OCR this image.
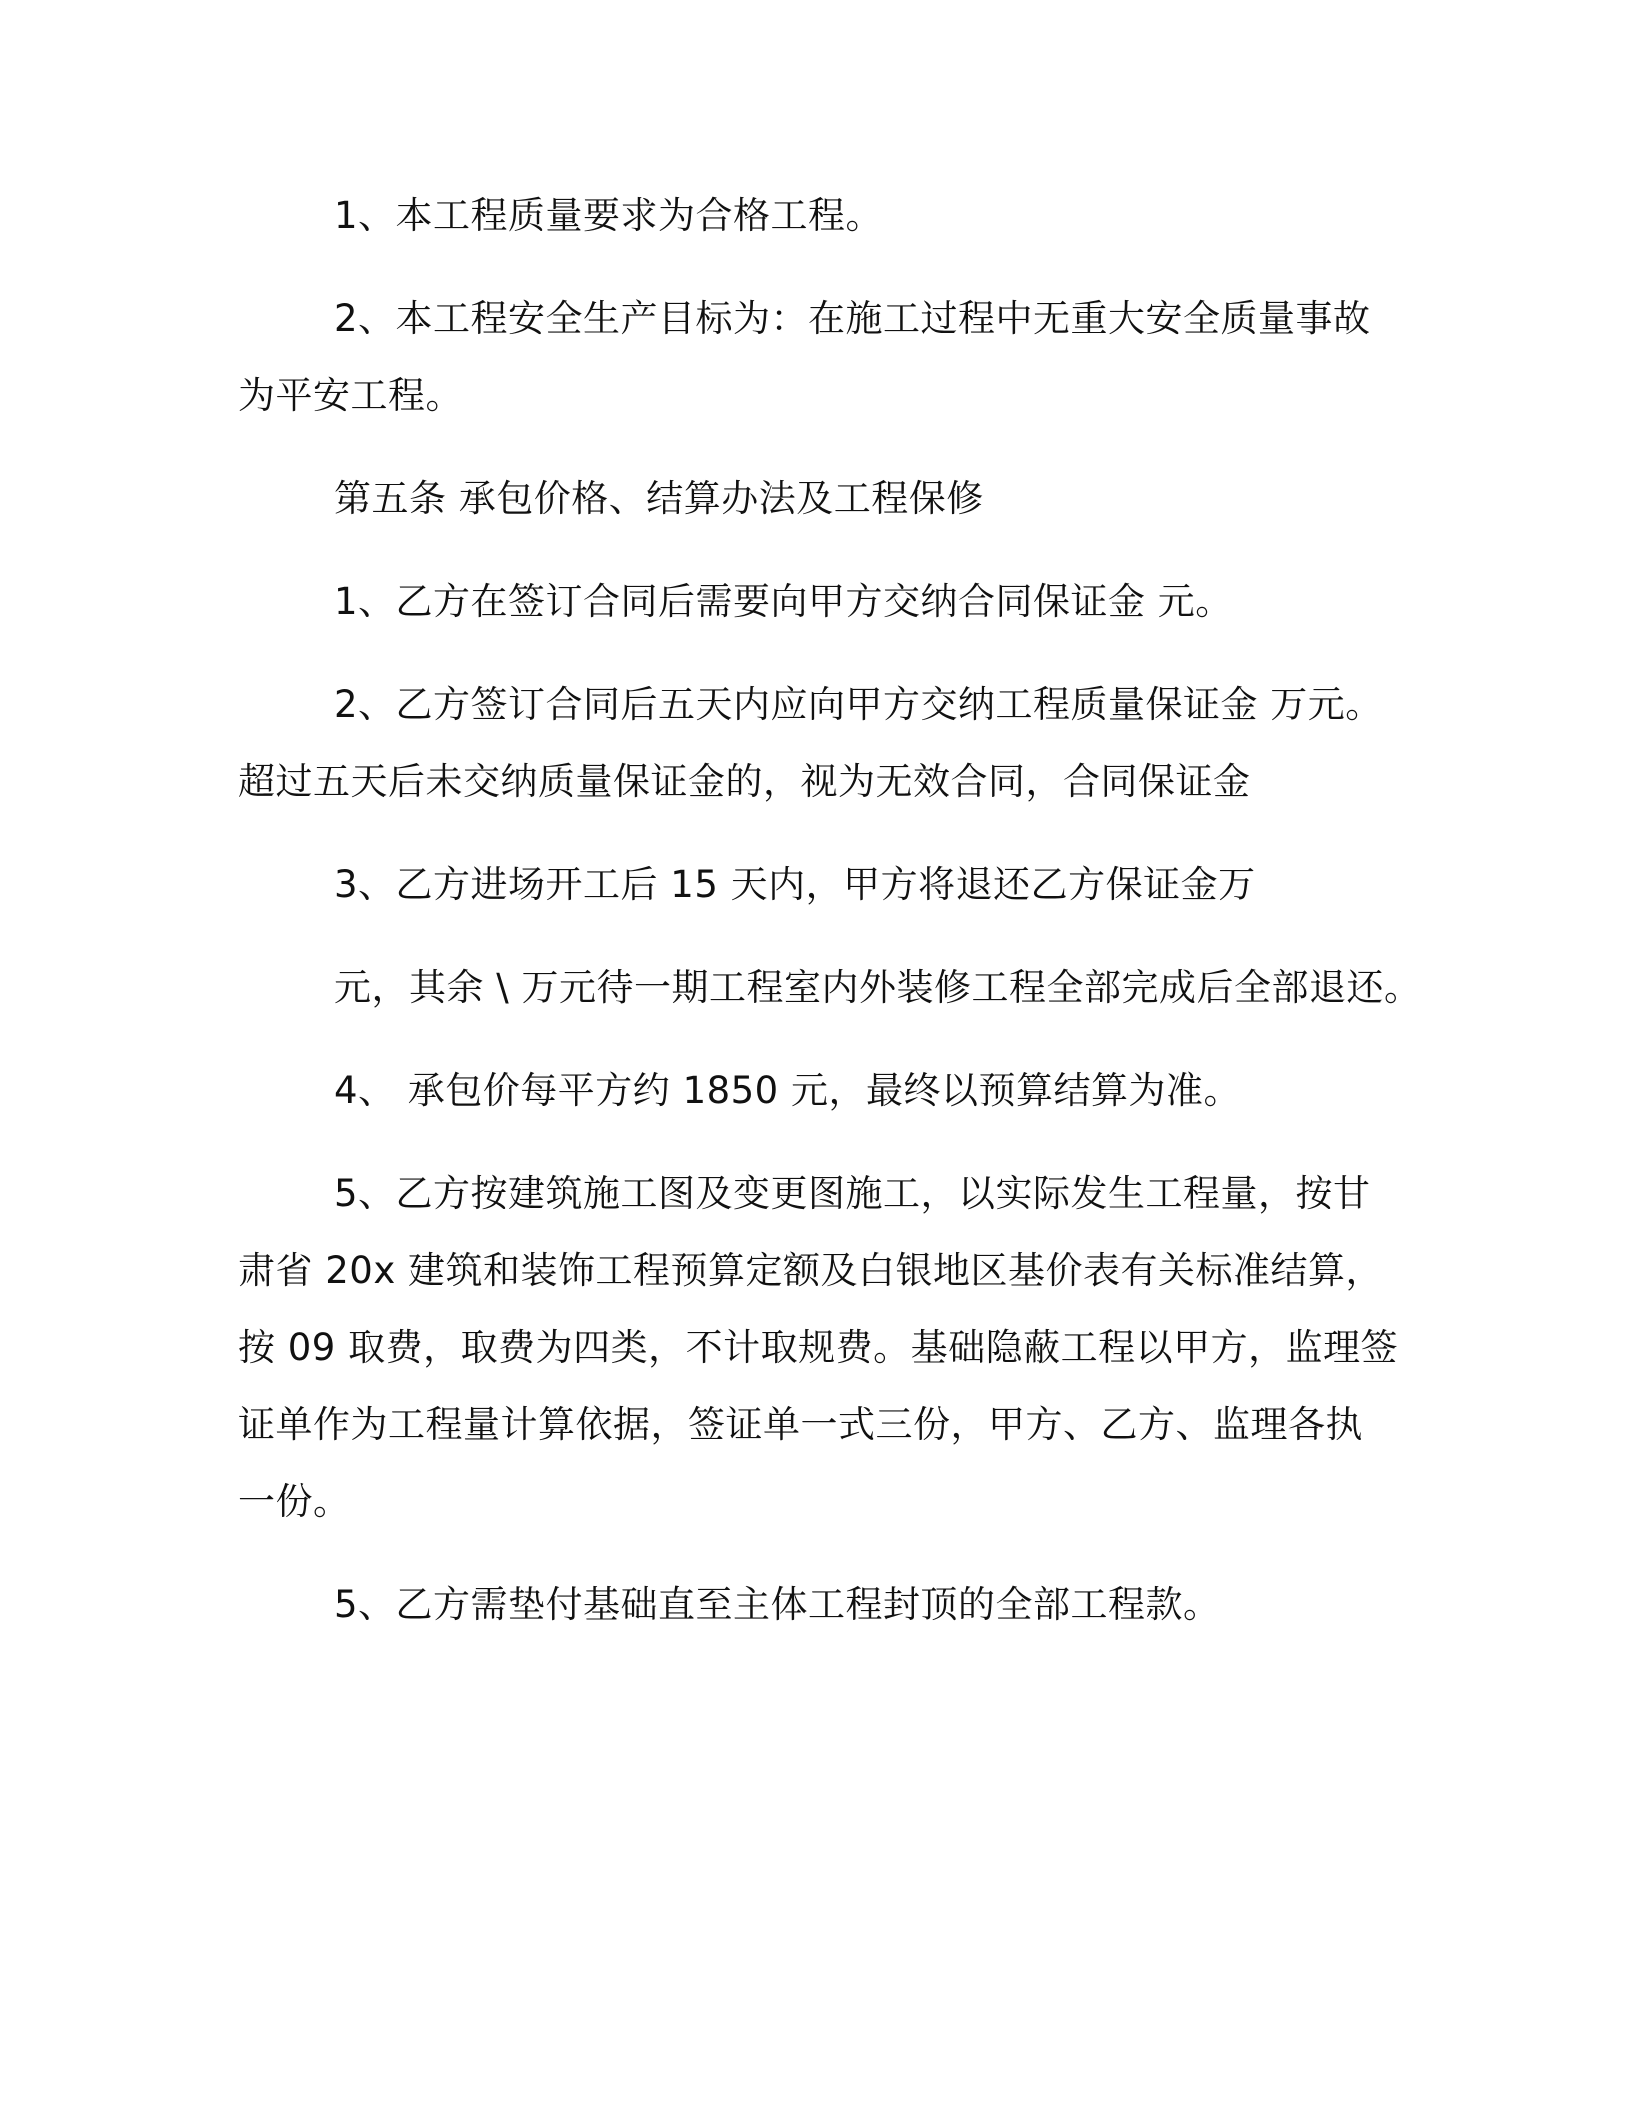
1、本工程质量要求为合格工程。

2、本工程安全生产目标为：在施工过程中无重大安全质量事故

为平安工程。

第五条 承包价格、结算办法及工程保修

1、乙方在签订合同后需要向甲方交纳合同保证金 元。

2、乙方签订合同后五天内应向甲方交纳工程质量保证金 万元。

超过五天后未交纳质量保证金的，视为无效合同，合同保证金

3、乙方进场开工后 15 天内，甲方将退还乙方保证金万

元，其余 \ 万元待一期工程室内外装修工程全部完成后全部退还。

4、 承包价每平方约 1850 元，最终以预算结算为准。

5、乙方按建筑施工图及变更图施工，以实际发生工程量，按甘

肃省 20x 建筑和装饰工程预算定额及白银地区基价表有关标准结算，

按 09 取费，取费为四类，不计取规费。基础隐蔽工程以甲方，监理签

证单作为工程量计算依据，签证单一式三份，甲方、乙方、监理各执

一份。

5、乙方需垫付基础直至主体工程封顶的全部工程款。
